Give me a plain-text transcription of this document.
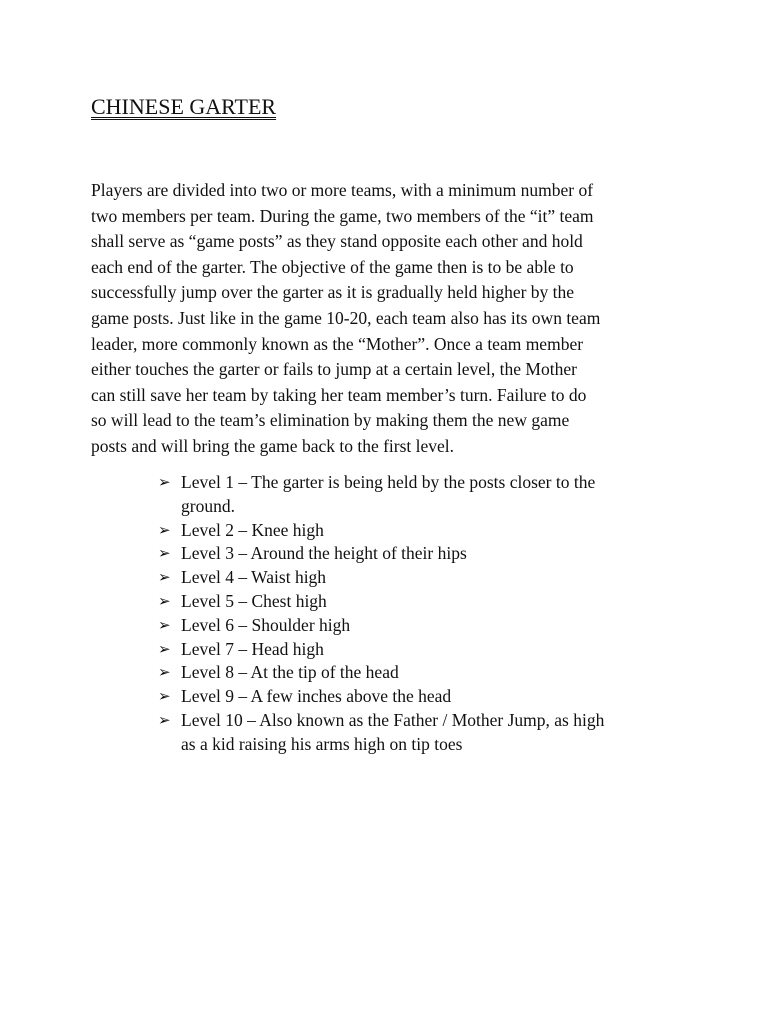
CHINESE GARTER
Players are divided into two or more teams, with a minimum number of
two members per team. During the game, two members of the “it” team
shall serve as “game posts” as they stand opposite each other and hold
each end of the garter. The objective of the game then is to be able to
successfully jump over the garter as it is gradually held higher by the
game posts. Just like in the game 10-20, each team also has its own team
leader, more commonly known as the “Mother”. Once a team member
either touches the garter or fails to jump at a certain level, the Mother
can still save her team by taking her team member’s turn. Failure to do
so will lead to the team’s elimination by making them the new game
posts and will bring the game back to the first level.
➢ Level 1 – The garter is being held by the posts closer to the
ground.
➢ Level 2 – Knee high
➢ Level 3 – Around the height of their hips
➢ Level 4 – Waist high
➢ Level 5 – Chest high
➢ Level 6 – Shoulder high
➢ Level 7 – Head high
➢ Level 8 – At the tip of the head
➢ Level 9 – A few inches above the head
➢ Level 10 – Also known as the Father / Mother Jump, as high
as a kid raising his arms high on tip toes
